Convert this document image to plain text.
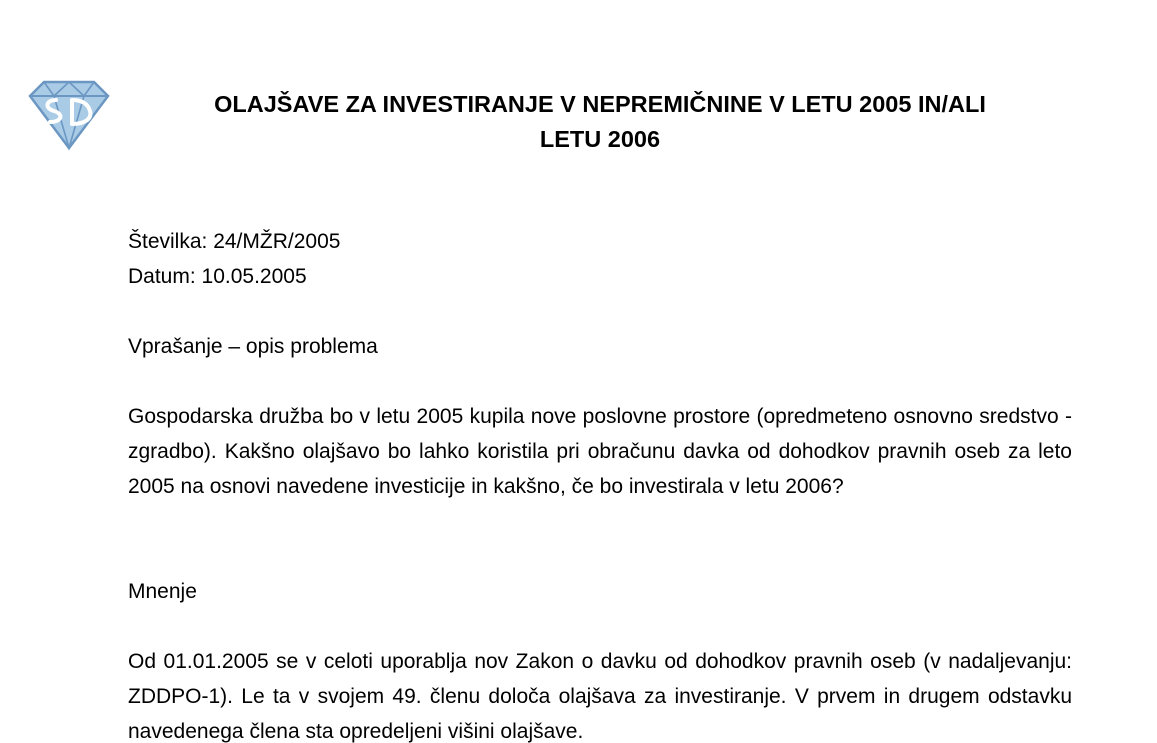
OLAJŠAVE ZA INVESTIRANJE V NEPREMIČNINE V LETU 2005 IN/ALI
LETU 2006

Številka: 24/MŽR/2005

Datum: 10.05.2005

Vprašanje – opis problema

Gospodarska družba bo v letu 2005 kupila nove poslovne prostore (opredmeteno osnovno sredstvo - zgradbo). Kakšno olajšavo bo lahko koristila pri obračunu davka od dohodkov pravnih oseb za leto 2005 na osnovi navedene investicije in kakšno, če bo investirala v letu 2006?

Mnenje

Od 01.01.2005 se v celoti uporablja nov Zakon o davku od dohodkov pravnih oseb (v nadaljevanju: ZDDPO-1). Le ta v svojem 49. členu določa olajšava za investiranje. V prvem in drugem odstavku navedenega člena sta opredeljeni višini olajšave.
